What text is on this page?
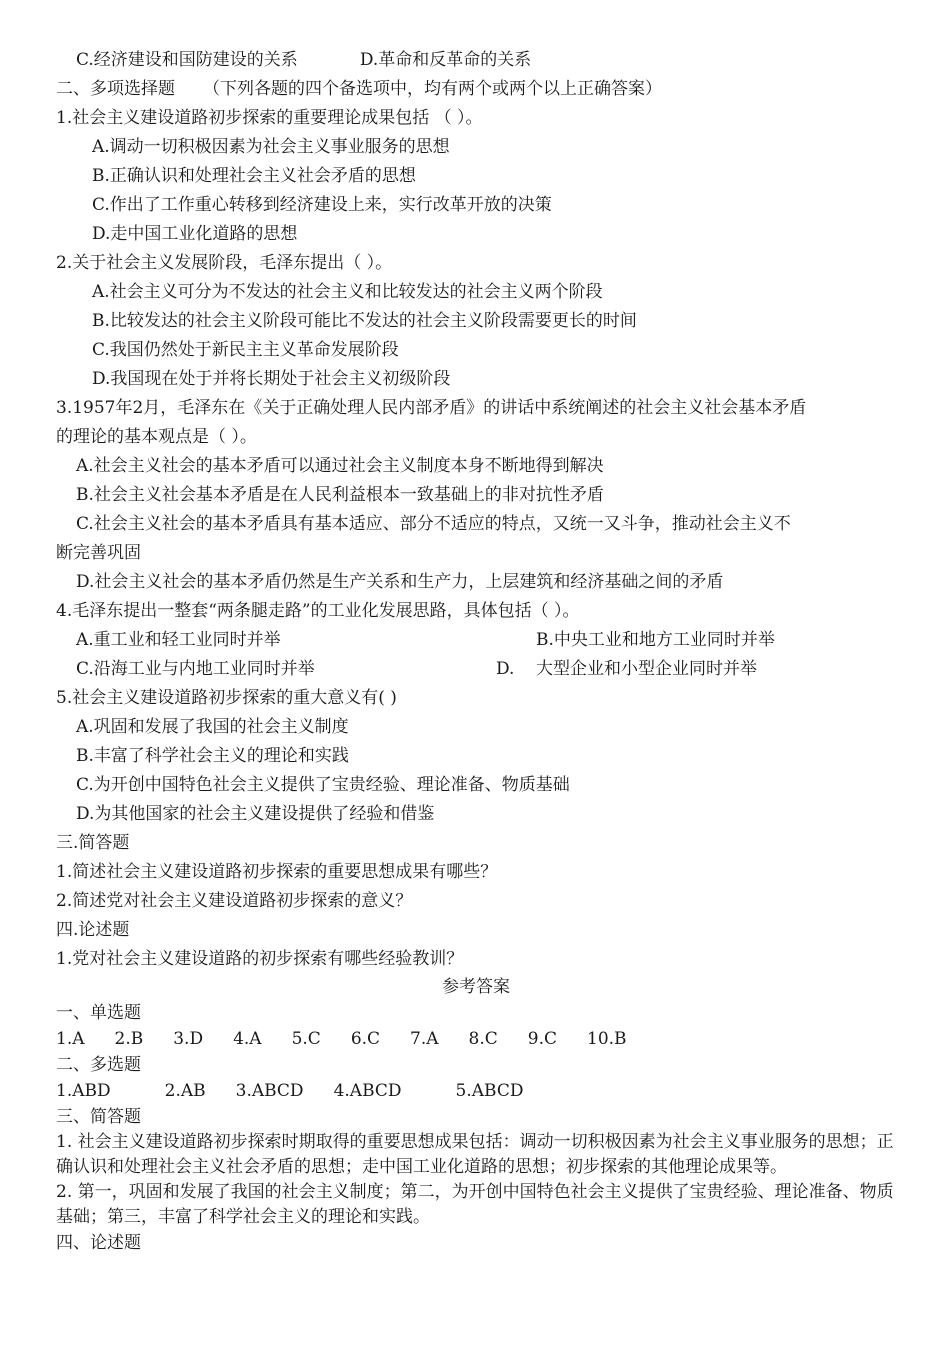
C.经济建设和国防建设的关系	D.革命和反革命的关系
二、多项选择题 （下列各题的四个备选项中，均有两个或两个以上正确答案）
1.社会主义建设道路初步探索的重要理论成果包括 （ ）。
A.调动一切积极因素为社会主义事业服务的思想
B.正确认识和处理社会主义社会矛盾的思想
C.作出了工作重心转移到经济建设上来，实行改革开放的决策
D.走中国工业化道路的思想
2.关于社会主义发展阶段，毛泽东提出（ ）。
A.社会主义可分为不发达的社会主义和比较发达的社会主义两个阶段
B.比较发达的社会主义阶段可能比不发达的社会主义阶段需要更长的时间
C.我国仍然处于新民主主义革命发展阶段
D.我国现在处于并将长期处于社会主义初级阶段
3.1957年2月，毛泽东在《关于正确处理人民内部矛盾》的讲话中系统阐述的社会主义社会基本矛盾
的理论的基本观点是（ ）。
A.社会主义社会的基本矛盾可以通过社会主义制度本身不断地得到解决
B.社会主义社会基本矛盾是在人民利益根本一致基础上的非对抗性矛盾
C.社会主义社会的基本矛盾具有基本适应、部分不适应的特点，又统一又斗争，推动社会主义不
断完善巩固
D.社会主义社会的基本矛盾仍然是生产关系和生产力，上层建筑和经济基础之间的矛盾
4.毛泽东提出一整套“两条腿走路”的工业化发展思路，具体包括（ ）。
A.重工业和轻工业同时并举	B.中央工业和地方工业同时并举
C.沿海工业与内地工业同时并举	D.    大型企业和小型企业同时并举
5.社会主义建设道路初步探索的重大意义有( )
A.巩固和发展了我国的社会主义制度
B.丰富了科学社会主义的理论和实践
C.为开创中国特色社会主义提供了宝贵经验、理论准备、物质基础
D.为其他国家的社会主义建设提供了经验和借鉴
三.简答题
1.简述社会主义建设道路初步探索的重要思想成果有哪些？
2.简述党对社会主义建设道路初步探索的意义？
四.论述题
1.党对社会主义建设道路的初步探索有哪些经验教训？
参考答案
一、单选题
1.A 2.B 3.D 4.A 5.C 6.C 7.A 8.C 9.C 10.B
二、多选题
1.ABD	2.AB 3.ABCD 4.ABCD	5.ABCD
三、简答题
1. 社会主义建设道路初步探索时期取得的重要思想成果包括：调动一切积极因素为社会主义事业服务的思想；正确认识和处理社会主义社会矛盾的思想；走中国工业化道路的思想；初步探索的其他理论成果等。
2. 第一，巩固和发展了我国的社会主义制度；第二，为开创中国特色社会主义提供了宝贵经验、理论准备、物质基础；第三，丰富了科学社会主义的理论和实践。
四、论述题
